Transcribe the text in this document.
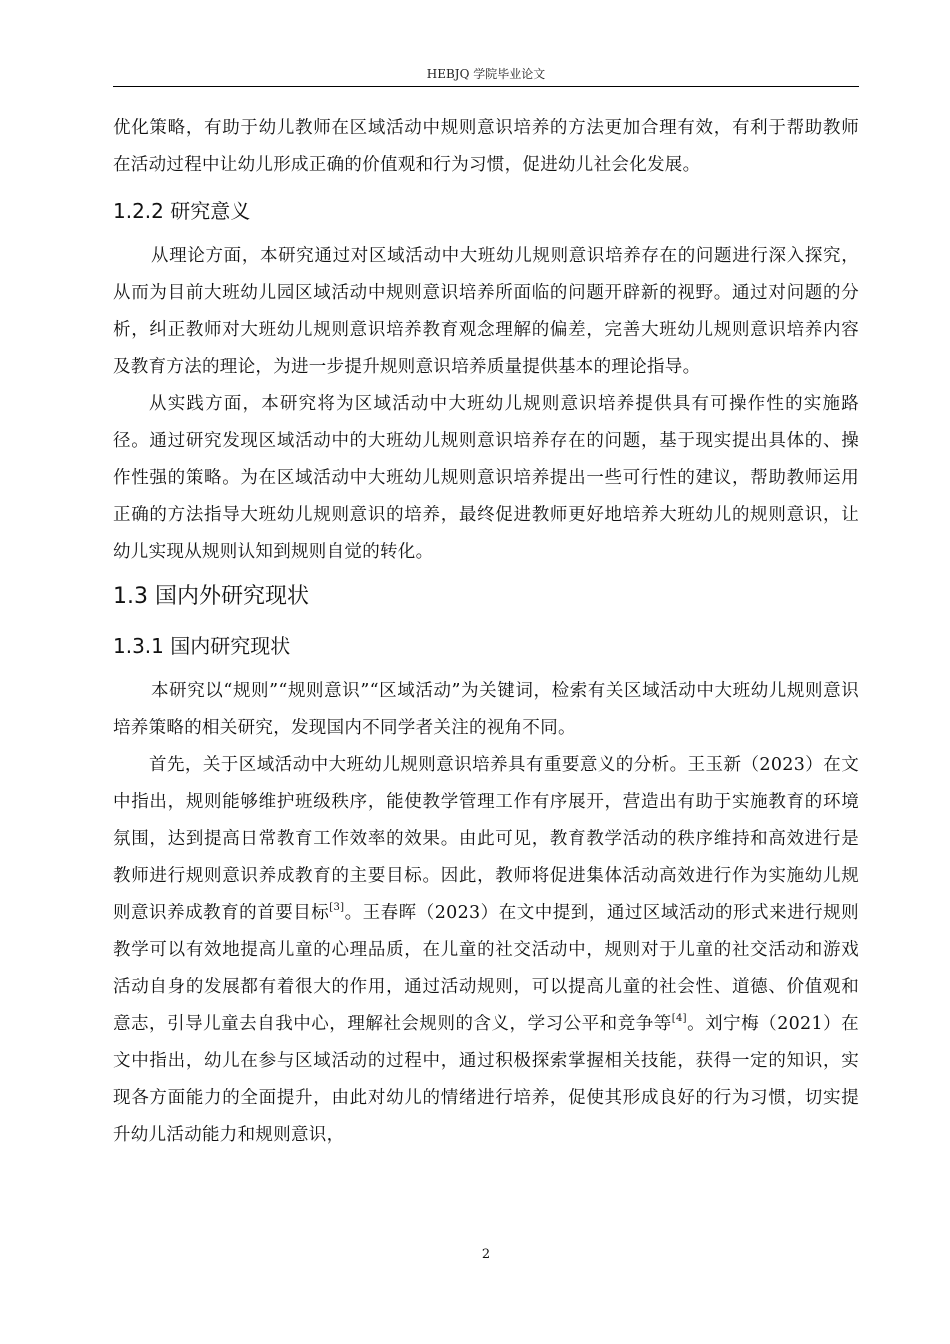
HEBJQ 学院毕业论文

优化策略，有助于幼儿教师在区域活动中规则意识培养的方法更加合理有效，有利于帮助教师在活动过程中让幼儿形成正确的价值观和行为习惯，促进幼儿社会化发展。

1.2.2 研究意义

从理论方面，本研究通过对区域活动中大班幼儿规则意识培养存在的问题进行深入探究，从而为目前大班幼儿园区域活动中规则意识培养所面临的问题开辟新的视野。通过对问题的分析，纠正教师对大班幼儿规则意识培养教育观念理解的偏差，完善大班幼儿规则意识培养内容及教育方法的理论，为进一步提升规则意识培养质量提供基本的理论指导。

从实践方面，本研究将为区域活动中大班幼儿规则意识培养提供具有可操作性的实施路径。通过研究发现区域活动中的大班幼儿规则意识培养存在的问题，基于现实提出具体的、操作性强的策略。为在区域活动中大班幼儿规则意识培养提出一些可行性的建议，帮助教师运用正确的方法指导大班幼儿规则意识的培养，最终促进教师更好地培养大班幼儿的规则意识，让幼儿实现从规则认知到规则自觉的转化。

1.3 国内外研究现状
1.3.1 国内研究现状

本研究以“规则”“规则意识”“区域活动”为关键词，检索有关区域活动中大班幼儿规则意识培养策略的相关研究，发现国内不同学者关注的视角不同。

首先，关于区域活动中大班幼儿规则意识培养具有重要意义的分析。王玉新（2023）在文中指出，规则能够维护班级秩序，能使教学管理工作有序展开，营造出有助于实施教育的环境氛围，达到提高日常教育工作效率的效果。由此可见，教育教学活动的秩序维持和高效进行是教师进行规则意识养成教育的主要目标。因此，教师将促进集体活动高效进行作为实施幼儿规则意识养成教育的首要目标[3]。王春晖（2023）在文中提到，通过区域活动的形式来进行规则教学可以有效地提高儿童的心理品质，在儿童的社交活动中，规则对于儿童的社交活动和游戏活动自身的发展都有着很大的作用，通过活动规则，可以提高儿童的社会性、道德、价值观和意志，引导儿童去自我中心，理解社会规则的含义，学习公平和竞争等[4]。刘宁梅（2021）在文中指出，幼儿在参与区域活动的过程中，通过积极探索掌握相关技能，获得一定的知识，实现各方面能力的全面提升，由此对幼儿的情绪进行培养，促使其形成良好的行为习惯，切实提升幼儿活动能力和规则意识，

2
